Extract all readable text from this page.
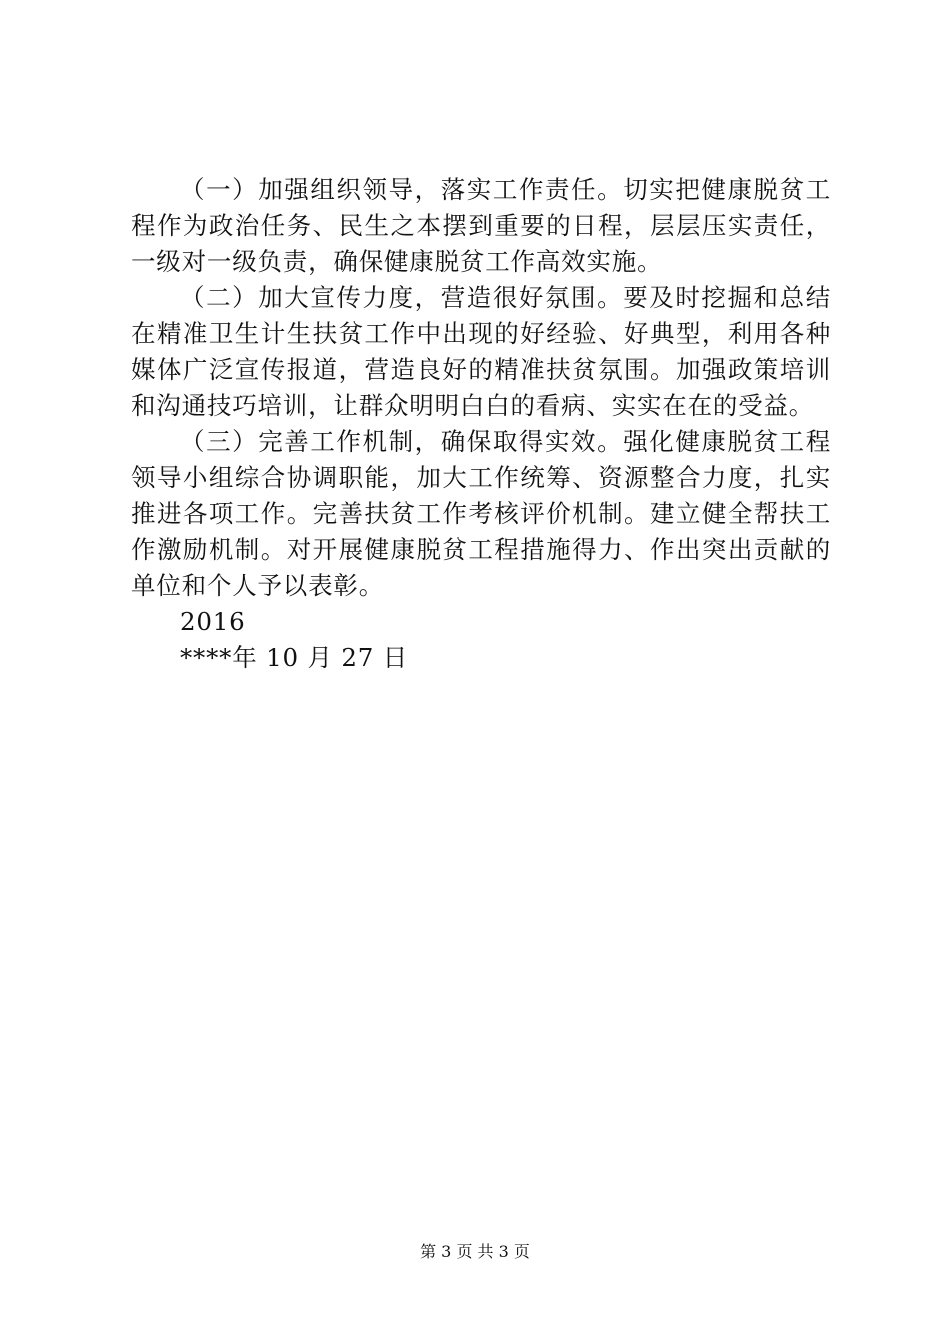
（一）加强组织领导，落实工作责任。切实把健康脱贫工程作为政治任务、民生之本摆到重要的日程，层层压实责任，一级对一级负责，确保健康脱贫工作高效实施。

（二）加大宣传力度，营造很好氛围。要及时挖掘和总结在精准卫生计生扶贫工作中出现的好经验、好典型，利用各种媒体广泛宣传报道，营造良好的精准扶贫氛围。加强政策培训和沟通技巧培训，让群众明明白白的看病、实实在在的受益。

（三）完善工作机制，确保取得实效。强化健康脱贫工程领导小组综合协调职能，加大工作统筹、资源整合力度，扎实推进各项工作。完善扶贫工作考核评价机制。建立健全帮扶工作激励机制。对开展健康脱贫工程措施得力、作出突出贡献的单位和个人予以表彰。

2016

****年 10 月 27 日

第 3 页 共 3 页
